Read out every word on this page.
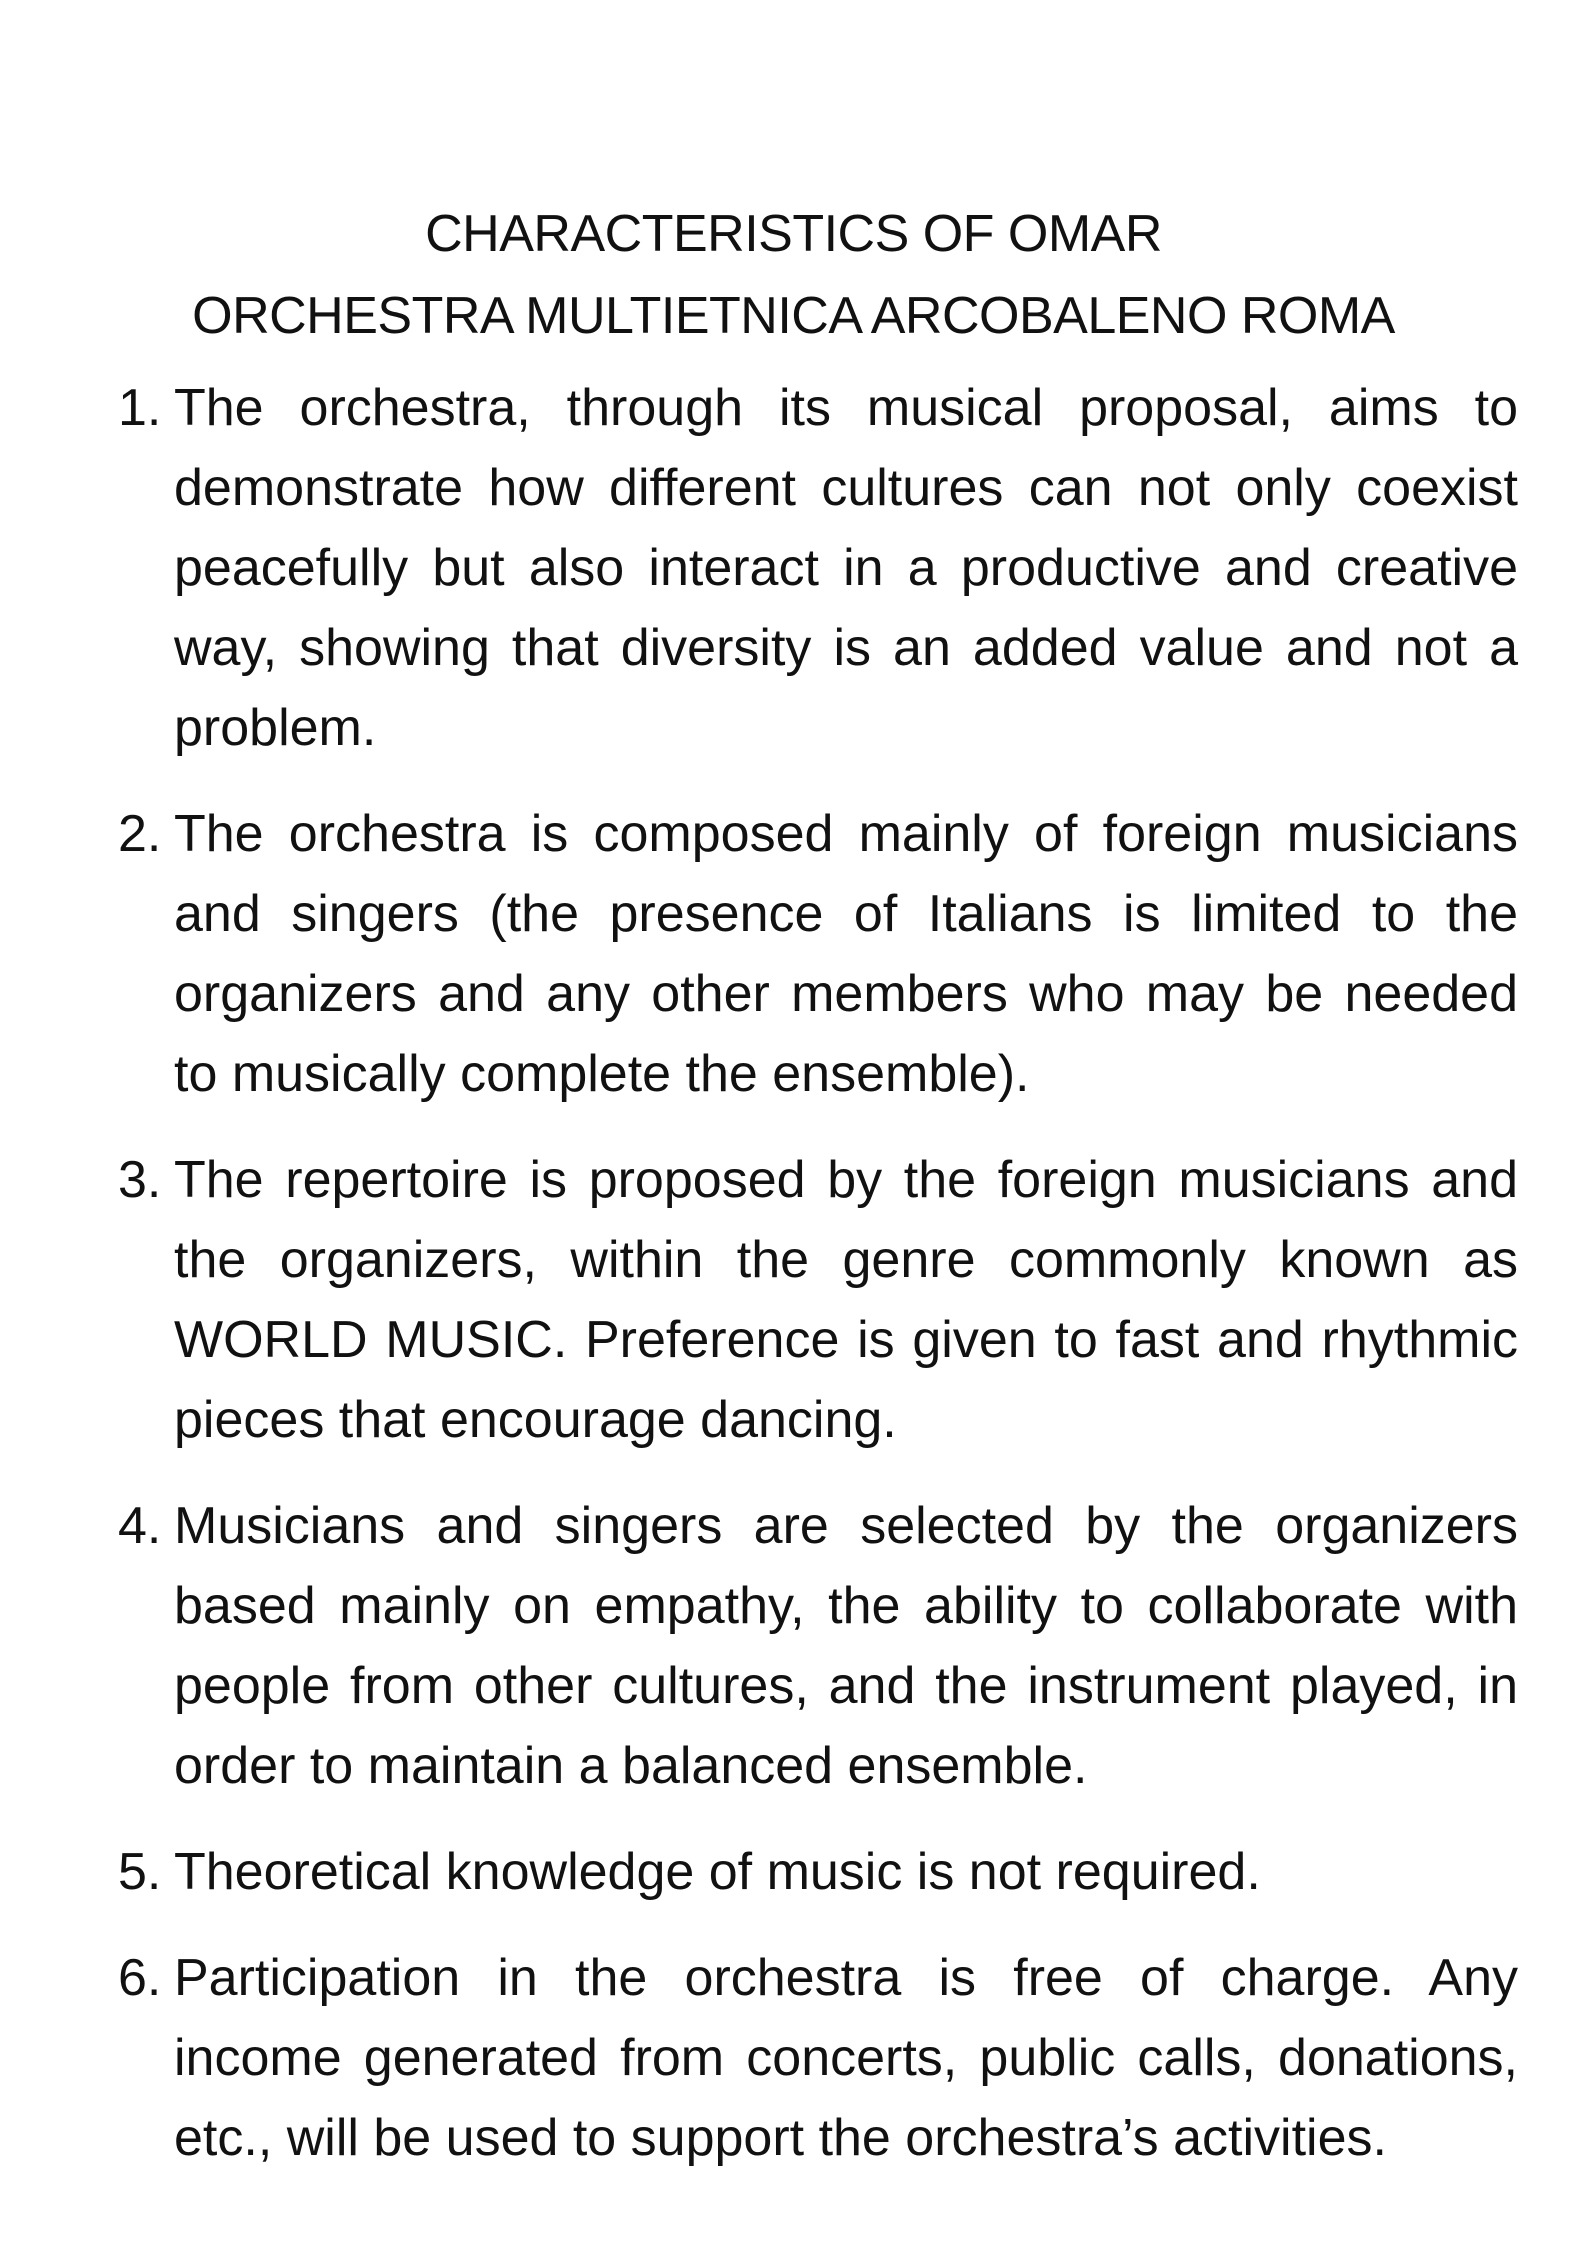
CHARACTERISTICS OF OMAR
ORCHESTRA MULTIETNICA ARCOBALENO ROMA
1. The orchestra, through its musical proposal, aims to demonstrate how different cultures can not only coexist peacefully but also interact in a productive and creative way, showing that diversity is an added value and not a problem.
2. The orchestra is composed mainly of foreign musicians and singers (the presence of Italians is limited to the organizers and any other members who may be needed to musically complete the ensemble).
3. The repertoire is proposed by the foreign musicians and the organizers, within the genre commonly known as WORLD MUSIC. Preference is given to fast and rhythmic pieces that encourage dancing.
4. Musicians and singers are selected by the organizers based mainly on empathy, the ability to collaborate with people from other cultures, and the instrument played, in order to maintain a balanced ensemble.
5. Theoretical knowledge of music is not required.
6. Participation in the orchestra is free of charge. Any income generated from concerts, public calls, donations, etc., will be used to support the orchestra’s activities.
